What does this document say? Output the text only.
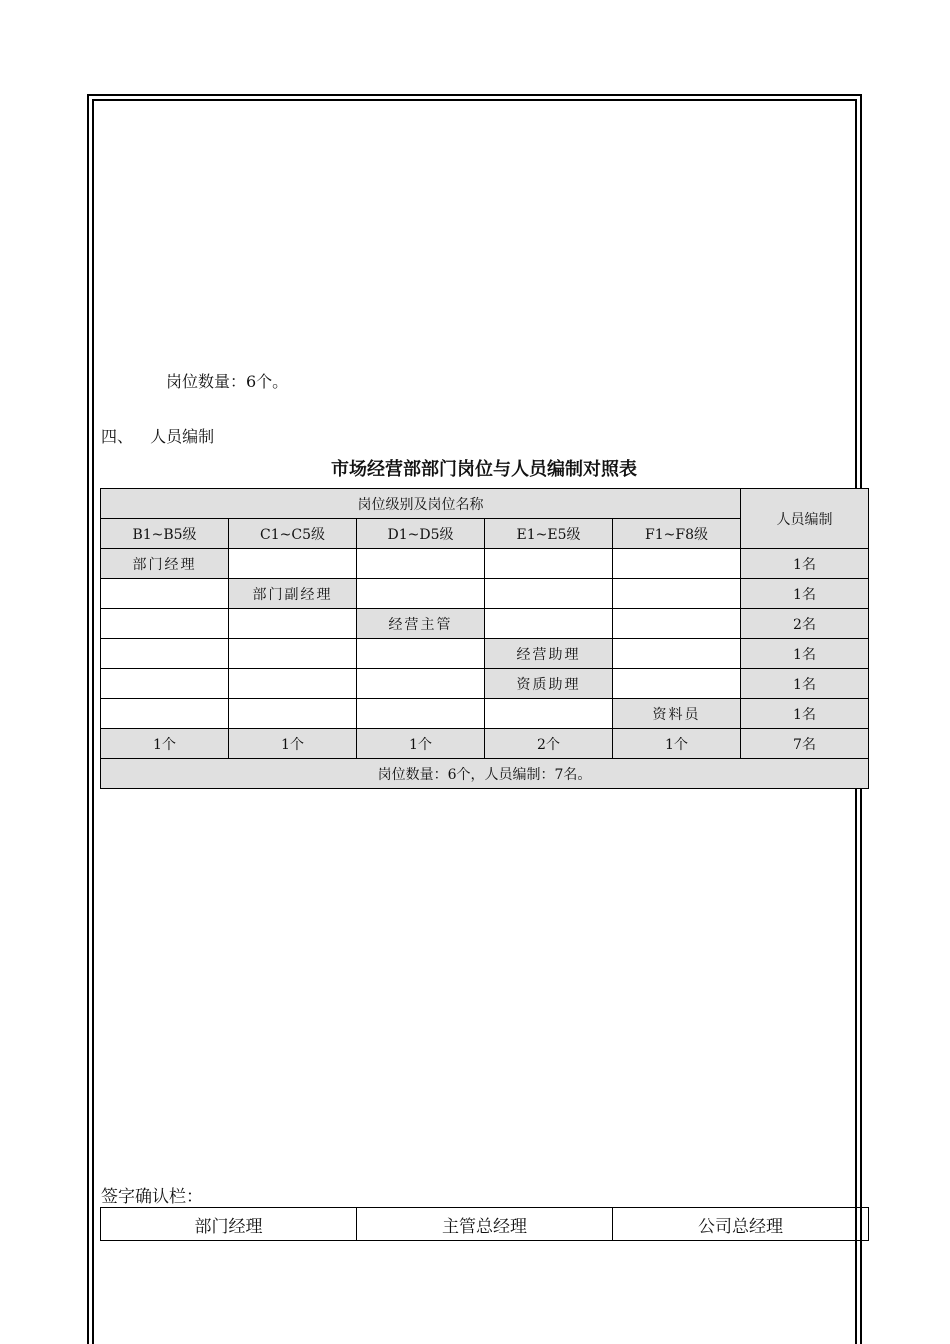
岗位数量：6个。
四、 人员编制
市场经营部部门岗位与人员编制对照表
岗位级别及岗位名称					人员编制
B1~B5级	C1~C5级	D1~D5级	E1~E5级	F1~F8级	
部门经理					1名
	部门副经理				1名
		经营主管			2名
			经营助理		1名
			资质助理		1名
				资料员	1名
1个	1个	1个	2个	1个	7名
岗位数量：6个，人员编制：7名。					
签字确认栏：
部门经理	主管总经理	公司总经理
